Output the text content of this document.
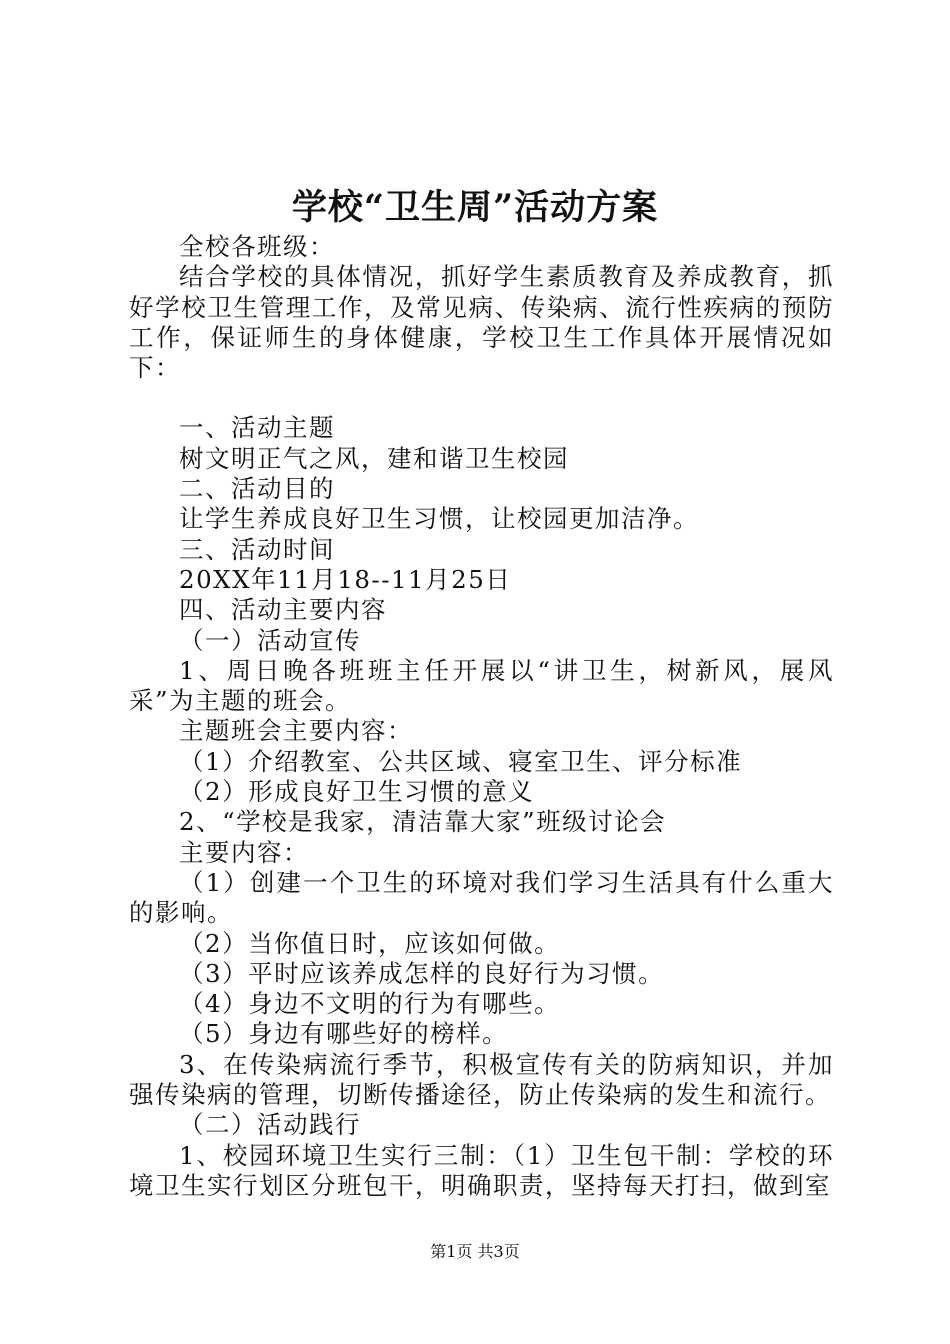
学校“卫生周”活动方案

全校各班级：

结合学校的具体情况，抓好学生素质教育及养成教育，抓好学校卫生管理工作，及常见病、传染病、流行性疾病的预防工作，保证师生的身体健康，学校卫生工作具体开展情况如下：

一、活动主题

树文明正气之风，建和谐卫生校园

二、活动目的

让学生养成良好卫生习惯，让校园更加洁净。

三、活动时间

20XX年11月18--11月25日

四、活动主要内容

（一）活动宣传

1、周日晚各班班主任开展以“讲卫生，树新风，展风采”为主题的班会。

主题班会主要内容：

（1）介绍教室、公共区域、寝室卫生、评分标准

（2）形成良好卫生习惯的意义

2、“学校是我家，清洁靠大家”班级讨论会

主要内容：

（1）创建一个卫生的环境对我们学习生活具有什么重大的影响。

（2）当你值日时，应该如何做。

（3）平时应该养成怎样的良好行为习惯。

（4）身边不文明的行为有哪些。

（5）身边有哪些好的榜样。

3、在传染病流行季节，积极宣传有关的防病知识，并加强传染病的管理，切断传播途径，防止传染病的发生和流行。

（二）活动践行

1、校园环境卫生实行三制：（1）卫生包干制：学校的环境卫生实行划区分班包干，明确职责，坚持每天打扫，做到室

第1页 共3页
